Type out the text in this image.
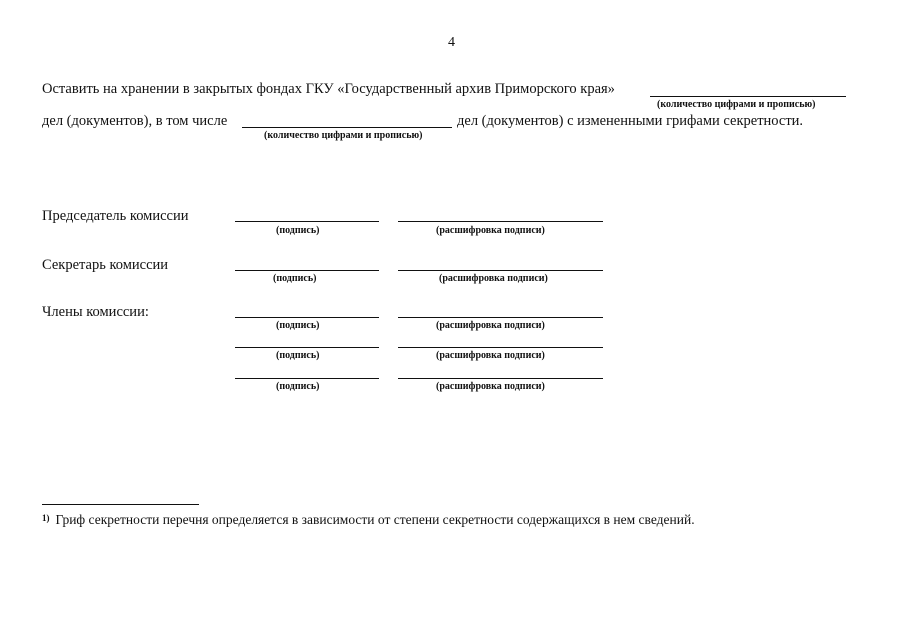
4
Оставить на хранении в закрытых фондах ГКУ «Государственный архив Приморского края»
(количество цифрами и прописью)
дел (документов), в том числе
(количество цифрами и прописью)
дел (документов) с измененными грифами секретности.
Председатель комиссии
(подпись)	(расшифровка подписи)
Секретарь комиссии
(подпись)	(расшифровка подписи)
Члены комиссии:
(подпись)	(расшифровка подписи)
(подпись)	(расшифровка подписи)
(подпись)	(расшифровка подписи)
$^{1)}$ Гриф секретности перечня определяется в зависимости от степени секретности содержащихся в нем сведений.
